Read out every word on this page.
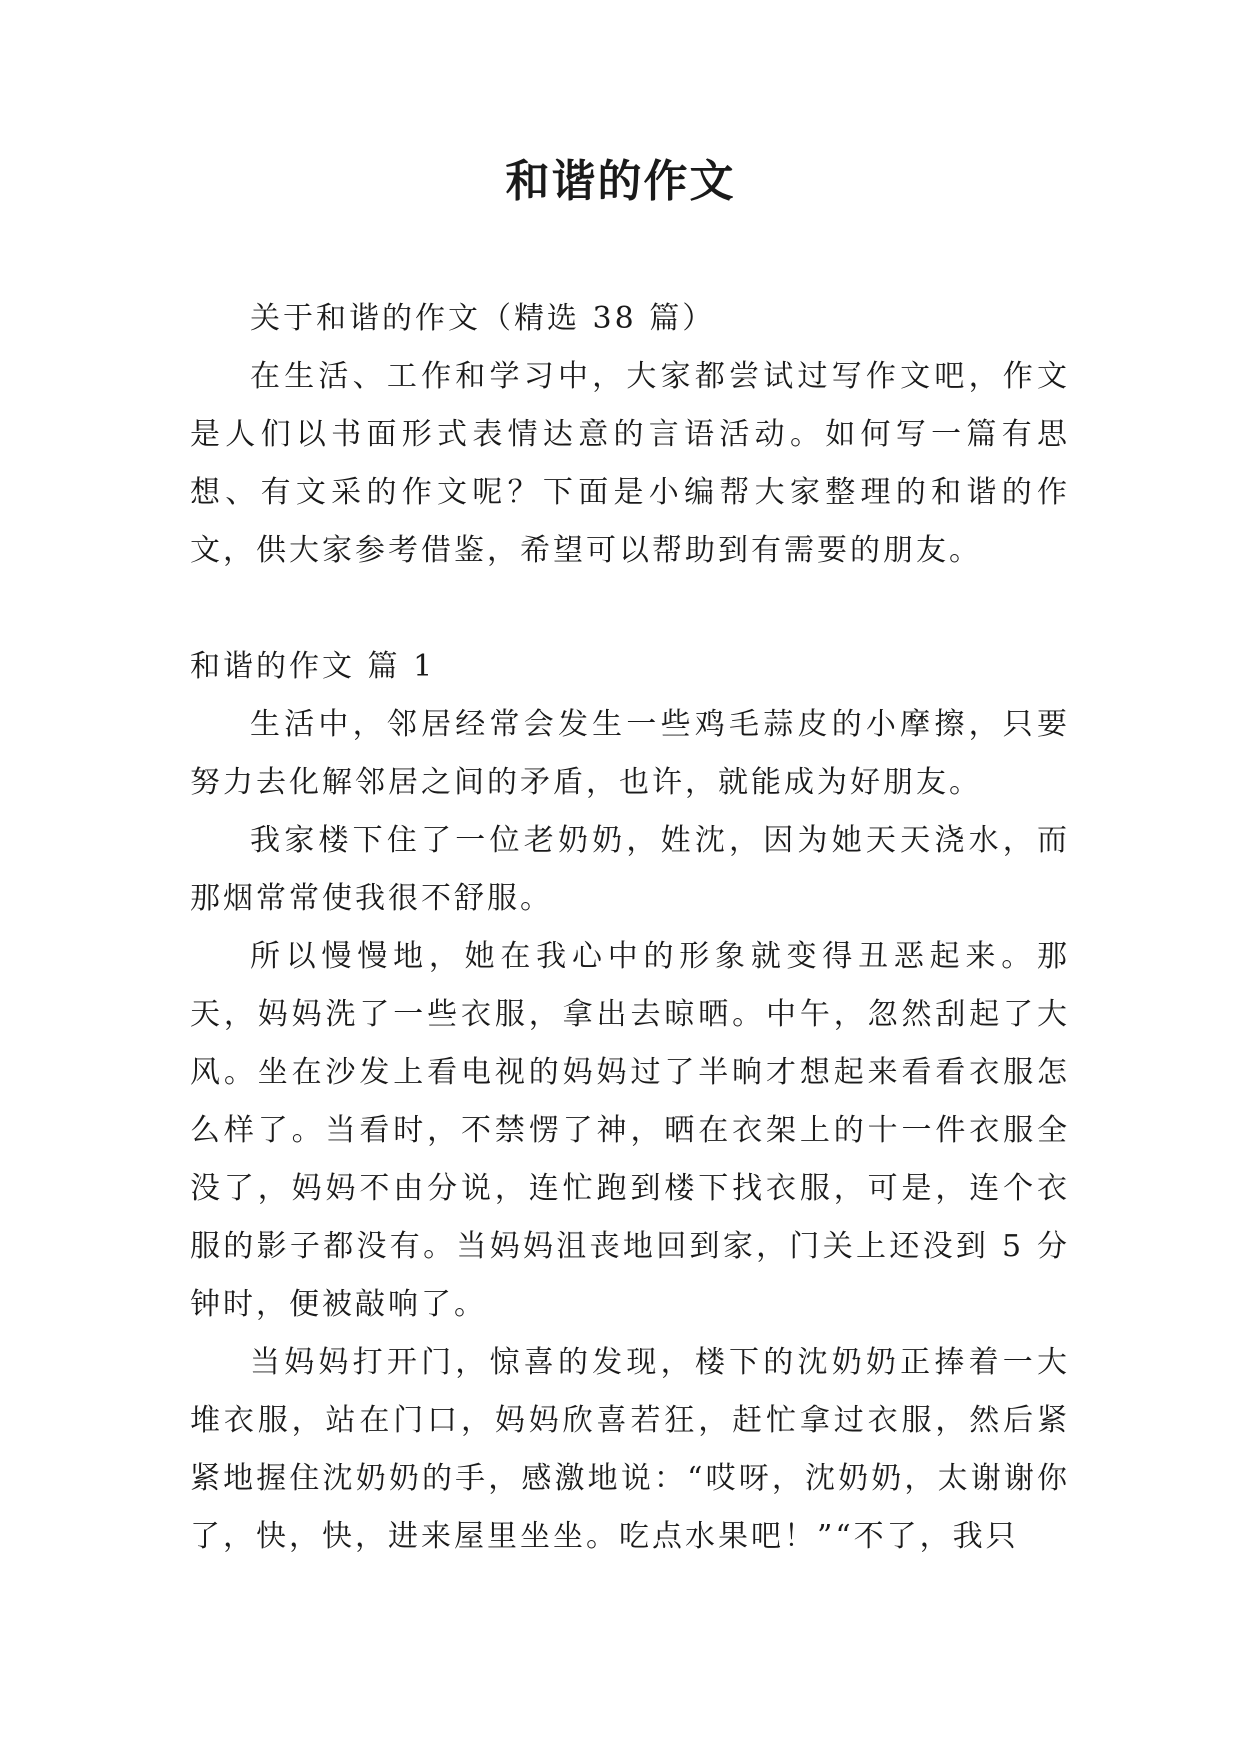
和谐的作文

关于和谐的作文（精选 38 篇）

在生活、工作和学习中，大家都尝试过写作文吧，作文是人们以书面形式表情达意的言语活动。如何写一篇有思想、有文采的作文呢？下面是小编帮大家整理的和谐的作文，供大家参考借鉴，希望可以帮助到有需要的朋友。

和谐的作文 篇 1

生活中，邻居经常会发生一些鸡毛蒜皮的小摩擦，只要努力去化解邻居之间的矛盾，也许，就能成为好朋友。

我家楼下住了一位老奶奶，姓沈，因为她天天浇水，而那烟常常使我很不舒服。

所以慢慢地，她在我心中的形象就变得丑恶起来。那天，妈妈洗了一些衣服，拿出去晾晒。中午，忽然刮起了大风。坐在沙发上看电视的妈妈过了半晌才想起来看看衣服怎么样了。当看时，不禁愣了神，晒在衣架上的十一件衣服全没了，妈妈不由分说，连忙跑到楼下找衣服，可是，连个衣服的影子都没有。当妈妈沮丧地回到家，门关上还没到 5 分钟时，便被敲响了。

当妈妈打开门，惊喜的发现，楼下的沈奶奶正捧着一大堆衣服，站在门口，妈妈欣喜若狂，赶忙拿过衣服，然后紧紧地握住沈奶奶的手，感激地说：“哎呀，沈奶奶，太谢谢你了，快，快，进来屋里坐坐。吃点水果吧！”“不了，我只
